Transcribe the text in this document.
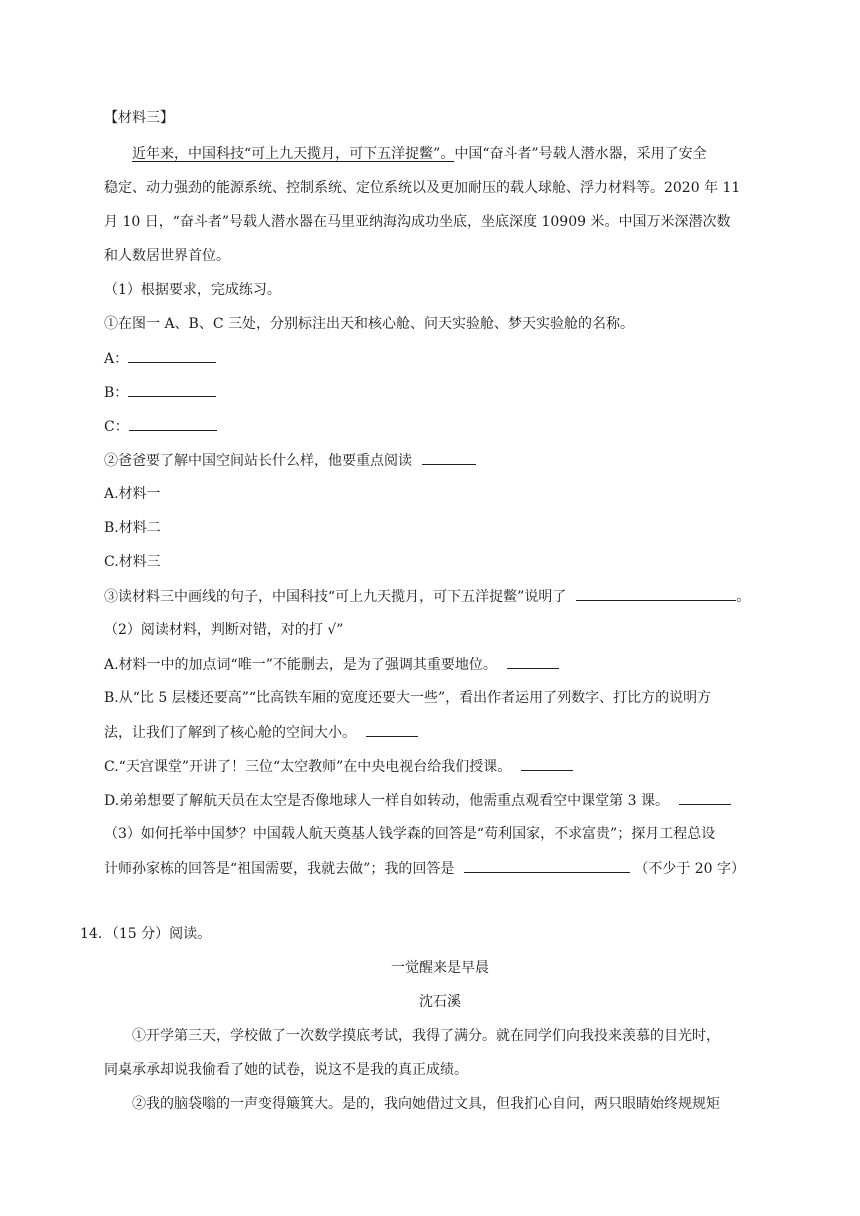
【材料三】
近年来，中国科技“可上九天揽月，可下五洋捉鳖”。中国“奋斗者”号载人潜水器，采用了安全
稳定、动力强劲的能源系统、控制系统、定位系统以及更加耐压的载人球舱、浮力材料等。2020 年 11
月 10 日，“奋斗者”号载人潜水器在马里亚纳海沟成功坐底，坐底深度 10909 米。中国万米深潜次数
和人数居世界首位。
（1）根据要求，完成练习。
①在图一 A、B、C 三处，分别标注出天和核心舱、问天实验舱、梦天实验舱的名称。
A：
B：
C：
②爸爸要了解中国空间站长什么样，他要重点阅读
A.材料一
B.材料二
C.材料三
③读材料三中画线的句子，中国科技“可上九天揽月，可下五洋捉鳖”说明了	。
（2）阅读材料，判断对错，对的打 √”
A.材料一中的加点词“唯一”不能删去，是为了强调其重要地位。
B.从“比 5 层楼还要高”“比高铁车厢的宽度还要大一些”，看出作者运用了列数字、打比方的说明方
法，让我们了解到了核心舱的空间大小。
C.“天宫课堂”开讲了！三位“太空教师”在中央电视台给我们授课。
D.弟弟想要了解航天员在太空是否像地球人一样自如转动，他需重点观看空中课堂第 3 课。
（3）如何托举中国梦？中国载人航天奠基人钱学森的回答是“苟利国家，不求富贵”；探月工程总设
计师孙家栋的回答是“祖国需要，我就去做”；我的回答是	（不少于 20 字）
14．（15 分）阅读。
一觉醒来是早晨
沈石溪
①开学第三天，学校做了一次数学摸底考试，我得了满分。就在同学们向我投来羡慕的目光时，
同桌承承却说我偷看了她的试卷，说这不是我的真正成绩。
②我的脑袋嗡的一声变得簸箕大。是的，我向她借过文具，但我扪心自问，两只眼睛始终规规矩
